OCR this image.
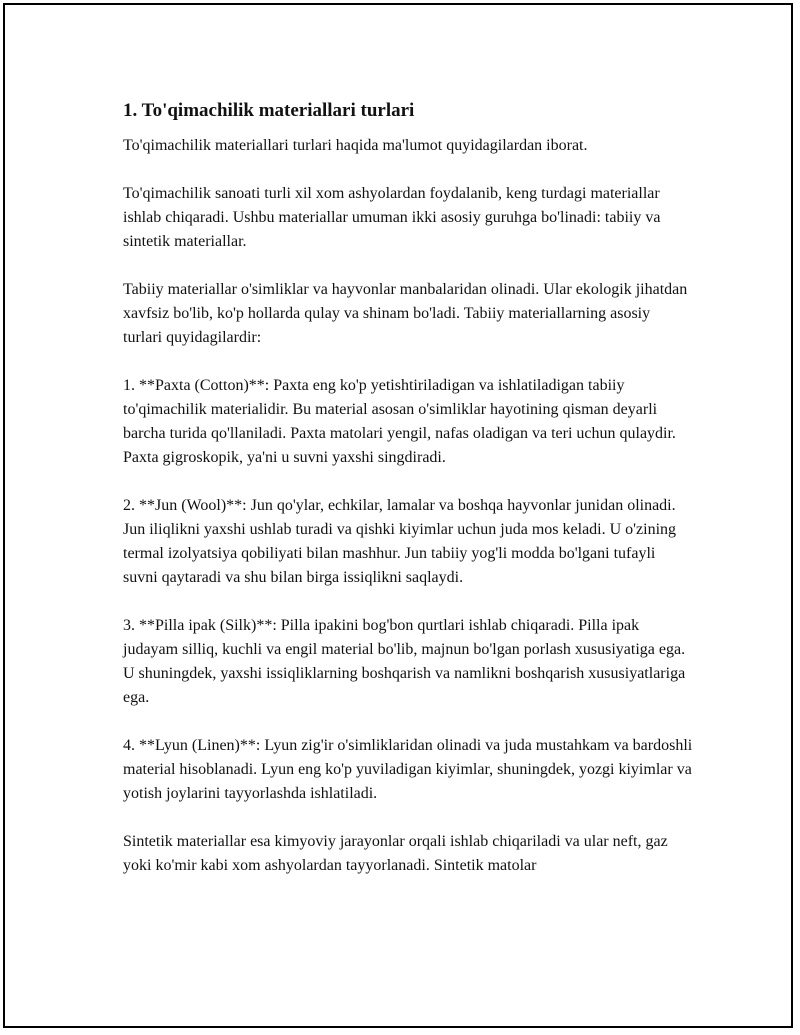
1. To'qimachilik materiallari turlari

To'qimachilik materiallari turlari haqida ma'lumot quyidagilardan iborat.

To'qimachilik sanoati turli xil xom ashyolardan foydalanib, keng turdagi materiallar ishlab chiqaradi. Ushbu materiallar umuman ikki asosiy guruhga bo'linadi: tabiiy va sintetik materiallar.

Tabiiy materiallar o'simliklar va hayvonlar manbalaridan olinadi. Ular ekologik jihatdan xavfsiz bo'lib, ko'p hollarda qulay va shinam bo'ladi. Tabiiy materiallarning asosiy turlari quyidagilardir:

1. **Paxta (Cotton)**: Paxta eng ko'p yetishtiriladigan va ishlatiladigan tabiiy to'qimachilik materialidir. Bu material asosan o'simliklar hayotining qisman deyarli barcha turida qo'llaniladi. Paxta matolari yengil, nafas oladigan va teri uchun qulaydir. Paxta gigroskopik, ya'ni u suvni yaxshi singdiradi.

2. **Jun (Wool)**: Jun qo'ylar, echkilar, lamalar va boshqa hayvonlar junidan olinadi. Jun iliqlikni yaxshi ushlab turadi va qishki kiyimlar uchun juda mos keladi. U o'zining termal izolyatsiya qobiliyati bilan mashhur. Jun tabiiy yog'li modda bo'lgani tufayli suvni qaytaradi va shu bilan birga issiqlikni saqlaydi.

3. **Pilla ipak (Silk)**: Pilla ipakini bog'bon qurtlari ishlab chiqaradi. Pilla ipak judayam silliq, kuchli va engil material bo'lib, majnun bo'lgan porlash xususiyatiga ega. U shuningdek, yaxshi issiqliklarning boshqarish va namlikni boshqarish xususiyatlariga ega.

4. **Lyun (Linen)**: Lyun zig'ir o'simliklaridan olinadi va juda mustahkam va bardoshli material hisoblanadi. Lyun eng ko'p yuviladigan kiyimlar, shuningdek, yozgi kiyimlar va yotish joylarini tayyorlashda ishlatiladi.

Sintetik materiallar esa kimyoviy jarayonlar orqali ishlab chiqariladi va ular neft, gaz yoki ko'mir kabi xom ashyolardan tayyorlanadi. Sintetik matolar
